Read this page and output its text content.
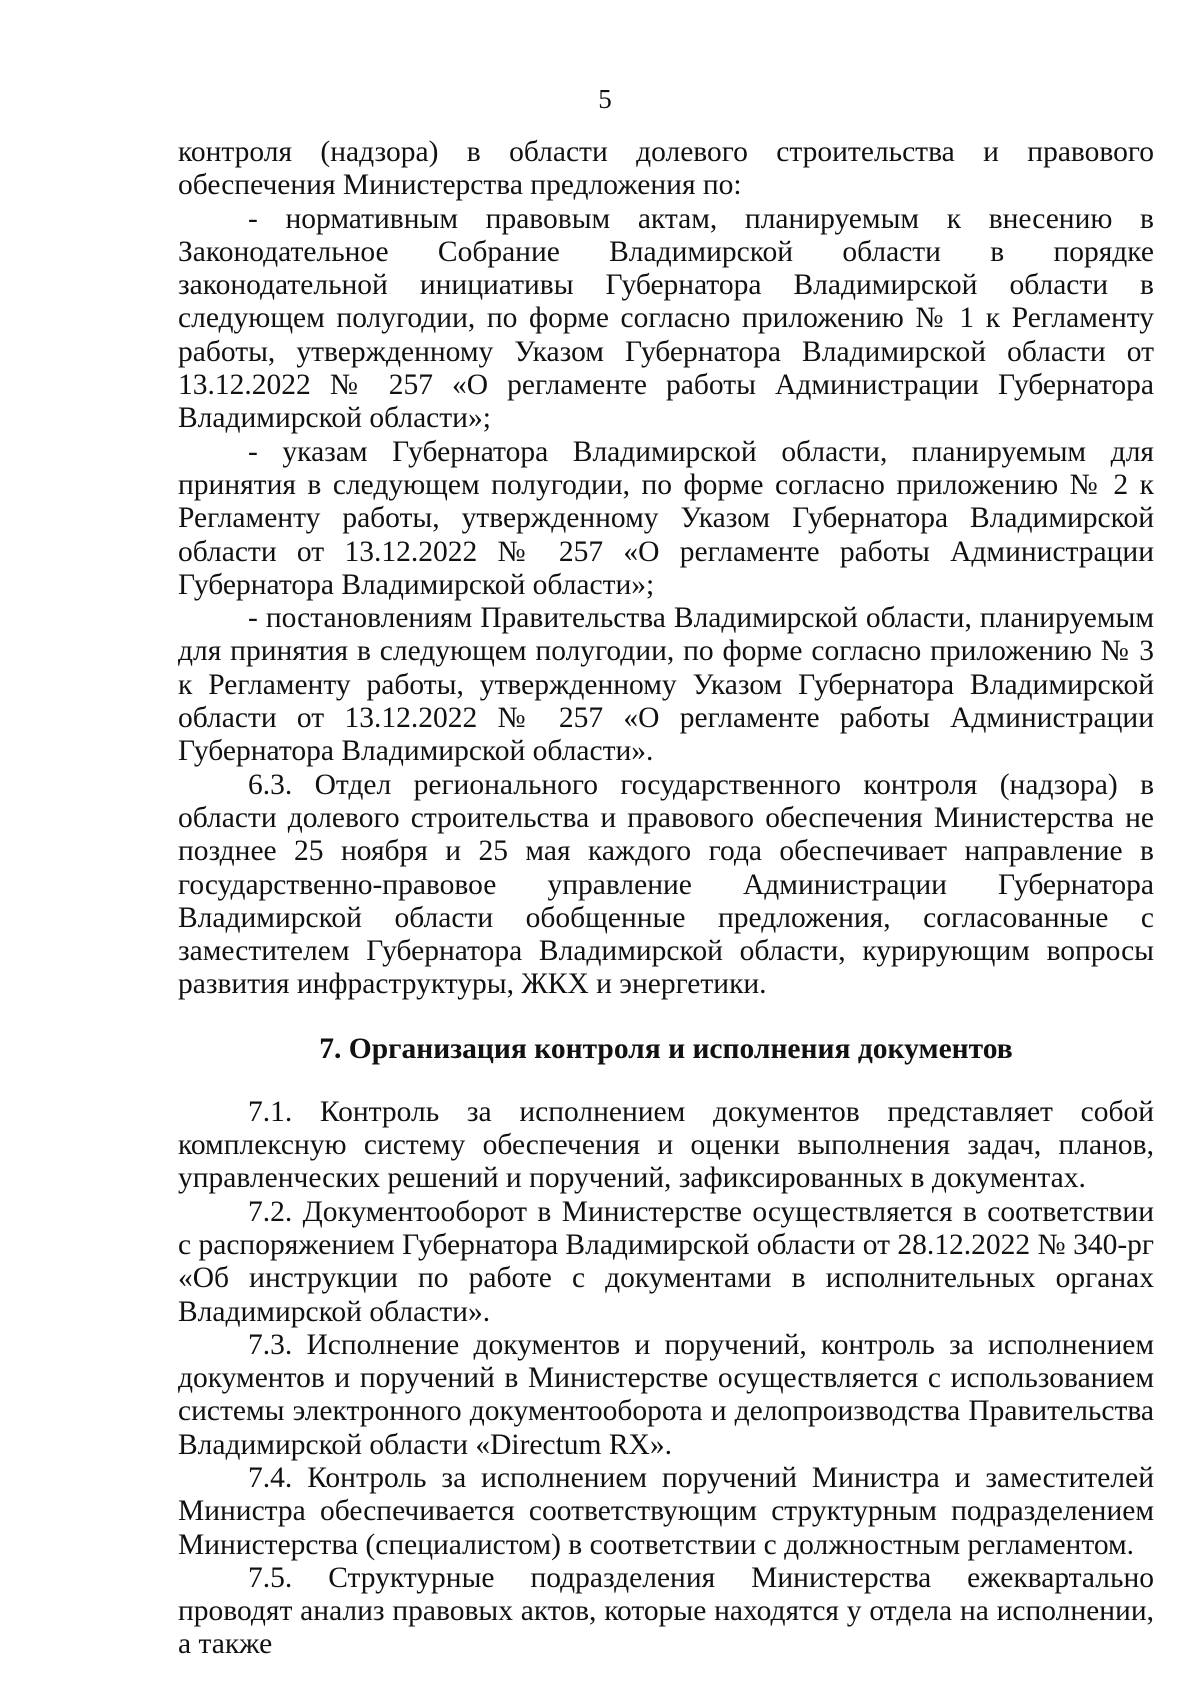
5

контроля (надзора) в области долевого строительства и правового обеспечения Министерства предложения по:

- нормативным правовым актам, планируемым к внесению в Законодательное Собрание Владимирской области в порядке законодательной инициативы Губернатора Владимирской области в следующем полугодии, по форме согласно приложению № 1 к Регламенту работы, утвержденному Указом Губернатора Владимирской области от 13.12.2022 № 257 «О регламенте работы Администрации Губернатора Владимирской области»;

- указам Губернатора Владимирской области, планируемым для принятия в следующем полугодии, по форме согласно приложению № 2 к Регламенту работы, утвержденному Указом Губернатора Владимирской области от 13.12.2022 № 257 «О регламенте работы Администрации Губернатора Владимирской области»;

- постановлениям Правительства Владимирской области, планируемым для принятия в следующем полугодии, по форме согласно приложению № 3 к Регламенту работы, утвержденному Указом Губернатора Владимирской области от 13.12.2022 № 257 «О регламенте работы Администрации Губернатора Владимирской области».

6.3. Отдел регионального государственного контроля (надзора) в области долевого строительства и правового обеспечения Министерства не позднее 25 ноября и 25 мая каждого года обеспечивает направление в государственно-правовое управление Администрации Губернатора Владимирской области обобщенные предложения, согласованные с заместителем Губернатора Владимирской области, курирующим вопросы развития инфраструктуры, ЖКХ и энергетики.

7. Организация контроля и исполнения документов

7.1. Контроль за исполнением документов представляет собой комплексную систему обеспечения и оценки выполнения задач, планов, управленческих решений и поручений, зафиксированных в документах.

7.2. Документооборот в Министерстве осуществляется в соответствии с распоряжением Губернатора Владимирской области от 28.12.2022 № 340-рг «Об инструкции по работе с документами в исполнительных органах Владимирской области».

7.3. Исполнение документов и поручений, контроль за исполнением документов и поручений в Министерстве осуществляется с использованием системы электронного документооборота и делопроизводства Правительства Владимирской области «Directum RX».

7.4. Контроль за исполнением поручений Министра и заместителей Министра обеспечивается соответствующим структурным подразделением Министерства (специалистом) в соответствии с должностным регламентом.

7.5. Структурные подразделения Министерства ежеквартально проводят анализ правовых актов, которые находятся у отдела на исполнении, а также
